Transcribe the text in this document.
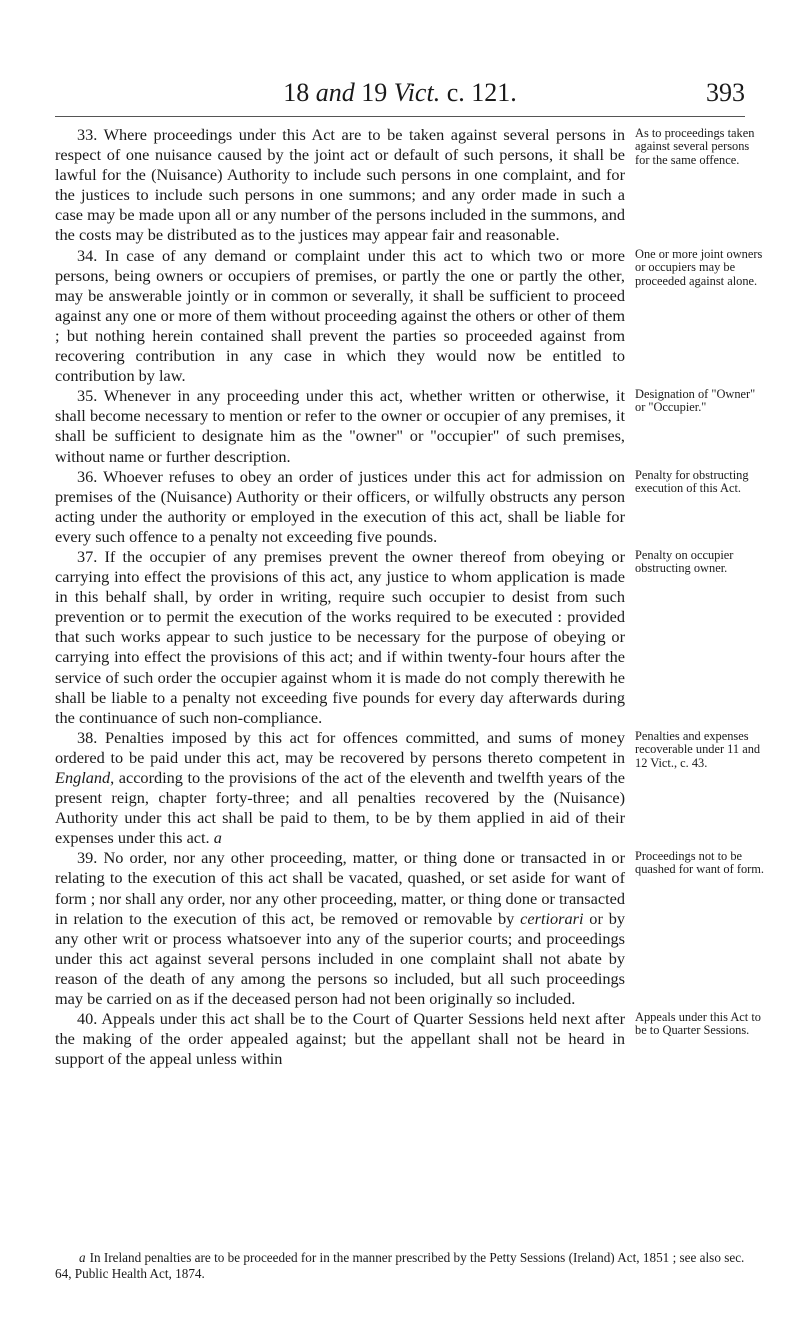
18 and 19 Vict. c. 121.	393

33. Where proceedings under this Act are to be taken against several persons in respect of one nuisance caused by the joint act or default of such persons, it shall be lawful for the (Nuisance) Authority to include such persons in one complaint, and for the justices to include such persons in one summons; and any order made in such a case may be made upon all or any number of the persons included in the summons, and the costs may be distributed as to the justices may appear fair and reasonable.

34. In case of any demand or complaint under this act to which two or more persons, being owners or occupiers of premises, or partly the one or partly the other, may be answerable jointly or in common or severally, it shall be sufficient to proceed against any one or more of them without proceeding against the others or other of them ; but nothing herein contained shall prevent the parties so proceeded against from recovering contribution in any case in which they would now be entitled to contribution by law.

35. Whenever in any proceeding under this act, whether written or otherwise, it shall become necessary to mention or refer to the owner or occupier of any premises, it shall be sufficient to designate him as the "owner" or "occupier" of such premises, without name or further description.

36. Whoever refuses to obey an order of justices under this act for admission on premises of the (Nuisance) Authority or their officers, or wilfully obstructs any person acting under the authority or employed in the execution of this act, shall be liable for every such offence to a penalty not exceeding five pounds.

37. If the occupier of any premises prevent the owner thereof from obeying or carrying into effect the provisions of this act, any justice to whom application is made in this behalf shall, by order in writing, require such occupier to desist from such prevention or to permit the execution of the works required to be executed : provided that such works appear to such justice to be necessary for the purpose of obeying or carrying into effect the provisions of this act; and if within twenty-four hours after the service of such order the occupier against whom it is made do not comply therewith he shall be liable to a penalty not exceeding five pounds for every day afterwards during the continuance of such non-compliance.

38. Penalties imposed by this act for offences committed, and sums of money ordered to be paid under this act, may be recovered by persons thereto competent in England, according to the provisions of the act of the eleventh and twelfth years of the present reign, chapter forty-three; and all penalties recovered by the (Nuisance) Authority under this act shall be paid to them, to be by them applied in aid of their expenses under this act. a

39. No order, nor any other proceeding, matter, or thing done or transacted in or relating to the execution of this act shall be vacated, quashed, or set aside for want of form ; nor shall any order, nor any other proceeding, matter, or thing done or transacted in relation to the execution of this act, be removed or removable by certiorari or by any other writ or process whatsoever into any of the superior courts; and proceedings under this act against several persons included in one complaint shall not abate by reason of the death of any among the persons so included, but all such proceedings may be carried on as if the deceased person had not been originally so included.

40. Appeals under this act shall be to the Court of Quarter Sessions held next after the making of the order appealed against; but the appellant shall not be heard in support of the appeal unless within

As to proceedings taken against several persons for the same offence.
One or more joint owners or occupiers may be proceeded against alone.
Designation of "Owner" or "Occupier."
Penalty for obstructing execution of this Act.
Penalty on occupier obstructing owner.
Penalties and expenses recoverable under 11 and 12 Vict., c. 43.
Proceedings not to be quashed for want of form.
Appeals under this Act to be to Quarter Sessions.
a In Ireland penalties are to be proceeded for in the manner prescribed by the Petty Sessions (Ireland) Act, 1851 ; see also sec. 64, Public Health Act, 1874.
